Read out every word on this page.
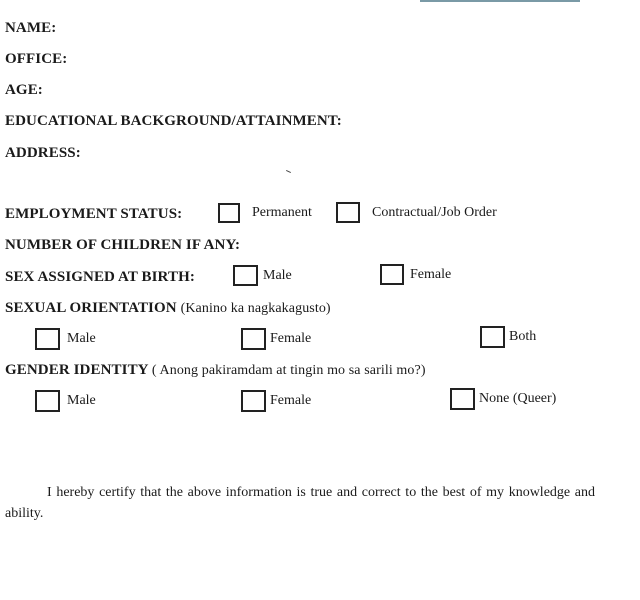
NAME:
OFFICE:
AGE:
EDUCATIONAL BACKGROUND/ATTAINMENT:
ADDRESS:
EMPLOYMENT STATUS:	Permanent	Contractual/Job Order
NUMBER OF CHILDREN IF ANY:
SEX ASSIGNED AT BIRTH:	Male	Female
SEXUAL ORIENTATION (Kanino ka nagkakagusto)
Male	Female	Both
GENDER IDENTITY ( Anong pakiramdam at tingin mo sa sarili mo?)
Male	Female	None (Queer)
I hereby certify that the above information is true and correct to the best of my knowledge and ability.
